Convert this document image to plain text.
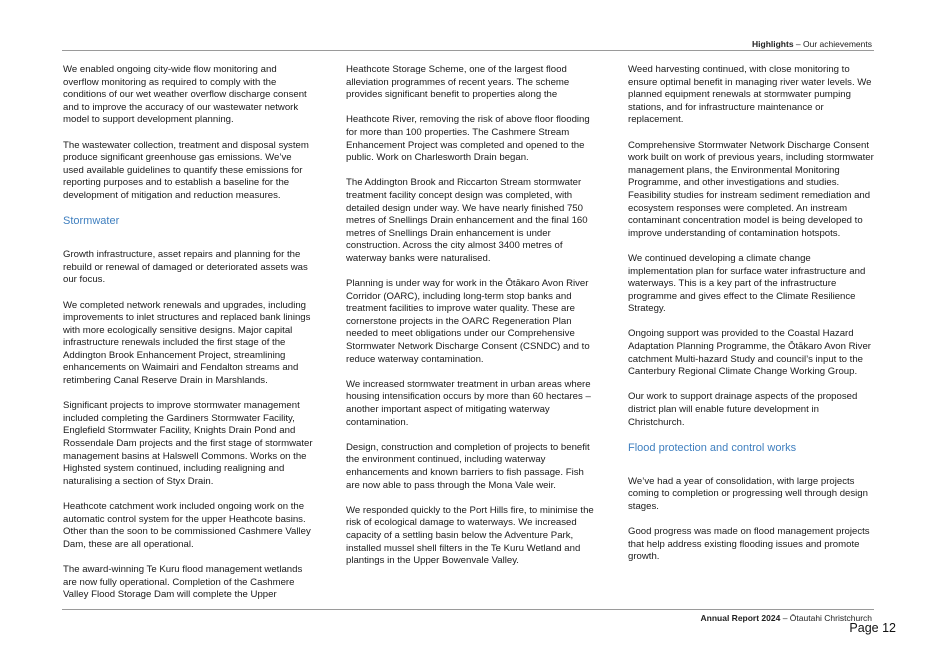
Highlights – Our achievements

We enabled ongoing city-wide flow monitoring and overflow monitoring as required to comply with the conditions of our wet weather overflow discharge consent and to improve the accuracy of our wastewater network model to support development planning.

The wastewater collection, treatment and disposal system produce significant greenhouse gas emissions. We’ve used available guidelines to quantify these emissions for reporting purposes and to establish a baseline for the development of mitigation and reduction measures.

Stormwater

Growth infrastructure, asset repairs and planning for the rebuild or renewal of damaged or deteriorated assets was our focus.

We completed network renewals and upgrades, including improvements to inlet structures and replaced bank linings with more ecologically sensitive designs. Major capital infrastructure renewals included the first stage of the Addington Brook Enhancement Project, streamlining enhancements on Waimairi and Fendalton streams and retimbering Canal Reserve Drain in Marshlands.

Significant projects to improve stormwater management included completing the Gardiners Stormwater Facility, Englefield Stormwater Facility, Knights Drain Pond and Rossendale Dam projects and the first stage of stormwater management basins at Halswell Commons. Works on the Highsted system continued, including realigning and naturalising a section of Styx Drain.

Heathcote catchment work included ongoing work on the automatic control system for the upper Heathcote basins. Other than the soon to be commissioned Cashmere Valley Dam, these are all operational.

The award-winning Te Kuru flood management wetlands are now fully operational. Completion of the Cashmere Valley Flood Storage Dam will complete the Upper

Heathcote Storage Scheme, one of the largest flood alleviation programmes of recent years. The scheme provides significant benefit to properties along the

Heathcote River, removing the risk of above floor flooding for more than 100 properties. The Cashmere Stream Enhancement Project was completed and opened to the public. Work on Charlesworth Drain began.

The Addington Brook and Riccarton Stream stormwater treatment facility concept design was completed, with detailed design under way. We have nearly finished 750 metres of Snellings Drain enhancement and the final 160 metres of Snellings Drain enhancement is under construction. Across the city almost 3400 metres of waterway banks were naturalised.

Planning is under way for work in the Ōtākaro Avon River Corridor (OARC), including long-term stop banks and treatment facilities to improve water quality. These are cornerstone projects in the OARC Regeneration Plan needed to meet obligations under our Comprehensive Stormwater Network Discharge Consent (CSNDC) and to reduce waterway contamination.

We increased stormwater treatment in urban areas where housing intensification occurs by more than 60 hectares – another important aspect of mitigating waterway contamination.

Design, construction and completion of projects to benefit the environment continued, including waterway enhancements and known barriers to fish passage. Fish are now able to pass through the Mona Vale weir.

We responded quickly to the Port Hills fire, to minimise the risk of ecological damage to waterways. We increased capacity of a settling basin below the Adventure Park, installed mussel shell filters in the Te Kuru Wetland and plantings in the Upper Bowenvale Valley.

Weed harvesting continued, with close monitoring to ensure optimal benefit in managing river water levels. We planned equipment renewals at stormwater pumping stations, and for infrastructure maintenance or replacement.

Comprehensive Stormwater Network Discharge Consent work built on work of previous years, including stormwater management plans, the Environmental Monitoring Programme, and other investigations and studies. Feasibility studies for instream sediment remediation and ecosystem responses were completed. An instream contaminant concentration model is being developed to improve understanding of contamination hotspots.

We continued developing a climate change implementation plan for surface water infrastructure and waterways. This is a key part of the infrastructure programme and gives effect to the Climate Resilience Strategy.

Ongoing support was provided to the Coastal Hazard Adaptation Planning Programme, the Ōtākaro Avon River catchment Multi-hazard Study and council’s input to the Canterbury Regional Climate Change Working Group.

Our work to support drainage aspects of the proposed district plan will enable future development in Christchurch.

Flood protection and control works

We’ve had a year of consolidation, with large projects coming to completion or progressing well through design stages.

Good progress was made on flood management projects that help address existing flooding issues and promote growth.

Annual Report 2024 – Ōtautahi Christchurch
Page 12
